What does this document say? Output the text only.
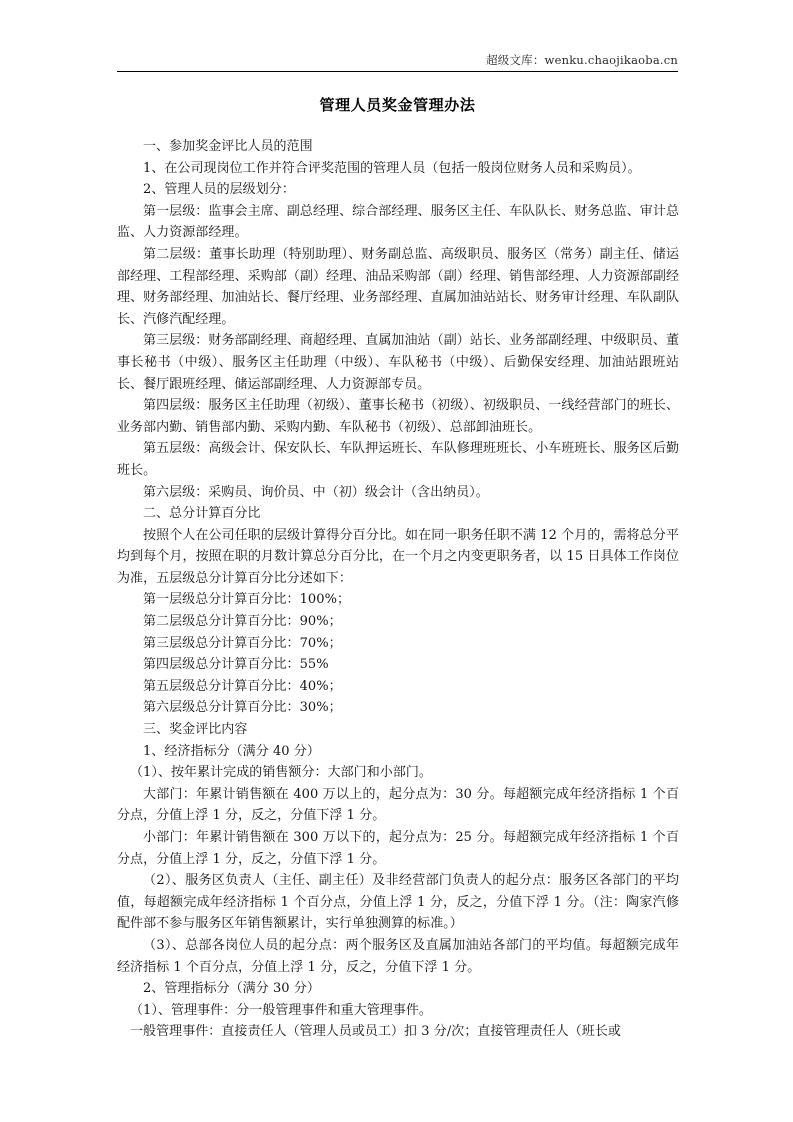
超级文库：wenku.chaojikaoba.cn
管理人员奖金管理办法

一、参加奖金评比人员的范围

1、在公司现岗位工作并符合评奖范围的管理人员（包括一般岗位财务人员和采购员）。

2、管理人员的层级划分：

第一层级：监事会主席、副总经理、综合部经理、服务区主任、车队队长、财务总监、审计总监、人力资源部经理。

第二层级：董事长助理（特别助理）、财务副总监、高级职员、服务区（常务）副主任、储运部经理、工程部经理、采购部（副）经理、油品采购部（副）经理、销售部经理、人力资源部副经理、财务部经理、加油站长、餐厅经理、业务部经理、直属加油站站长、财务审计经理、车队副队长、汽修汽配经理。

第三层级：财务部副经理、商超经理、直属加油站（副）站长、业务部副经理、中级职员、董事长秘书（中级）、服务区主任助理（中级）、车队秘书（中级）、后勤保安经理、加油站跟班站长、餐厅跟班经理、储运部副经理、人力资源部专员。

第四层级：服务区主任助理（初级）、董事长秘书（初级）、初级职员、一线经营部门的班长、业务部内勤、销售部内勤、采购内勤、车队秘书（初级）、总部卸油班长。

第五层级：高级会计、保安队长、车队押运班长、车队修理班班长、小车班班长、服务区后勤班长。

第六层级：采购员、询价员、中（初）级会计（含出纳员）。

二、总分计算百分比

按照个人在公司任职的层级计算得分百分比。如在同一职务任职不满 12 个月的，需将总分平均到每个月，按照在职的月数计算总分百分比，在一个月之内变更职务者，以 15 日具体工作岗位为准，五层级总分计算百分比分述如下：

第一层级总分计算百分比：100%；

第二层级总分计算百分比：90%；

第三层级总分计算百分比：70%；

第四层级总分计算百分比：55%

第五层级总分计算百分比：40%；

第六层级总分计算百分比：30%；

三、奖金评比内容

1、经济指标分（满分 40 分）

（1）、按年累计完成的销售额分：大部门和小部门。

大部门：年累计销售额在 400 万以上的，起分点为：30 分。每超额完成年经济指标 1 个百分点，分值上浮 1 分，反之，分值下浮 1 分。

小部门：年累计销售额在 300 万以下的，起分点为：25 分。每超额完成年经济指标 1 个百分点，分值上浮 1 分，反之，分值下浮 1 分。

（2）、服务区负责人（主任、副主任）及非经营部门负责人的起分点：服务区各部门的平均值，每超额完成年经济指标 1 个百分点，分值上浮 1 分，反之，分值下浮 1 分。（注：陶家汽修配件部不参与服务区年销售额累计，实行单独测算的标准。）

（3）、总部各岗位人员的起分点：两个服务区及直属加油站各部门的平均值。每超额完成年经济指标 1 个百分点，分值上浮 1 分，反之，分值下浮 1 分。

2、管理指标分（满分 30 分）

（1）、管理事件：分一般管理事件和重大管理事件。

一般管理事件：直接责任人（管理人员或员工）扣 3 分/次；直接管理责任人（班长或
